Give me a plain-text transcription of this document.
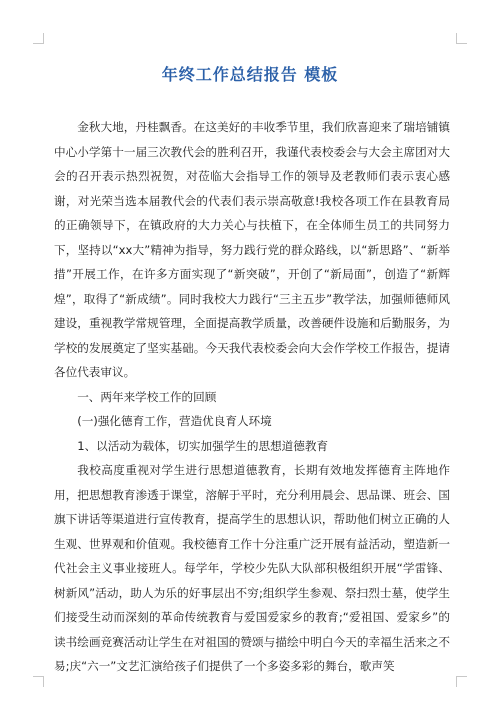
年终工作总结报告 模板

金秋大地，丹桂飘香。在这美好的丰收季节里，我们欣喜迎来了瑞培铺镇中心小学第十一届三次教代会的胜利召开，我谨代表校委会与大会主席团对大会的召开表示热烈祝贺，对莅临大会指导工作的领导及老教师们表示衷心感谢，对光荣当选本届教代会的代表们表示崇高敬意!我校各项工作在县教育局的正确领导下，在镇政府的大力关心与扶植下，在全体师生员工的共同努力下，坚持以“xx大”精神为指导，努力践行党的群众路线，以“新思路”、“新举措”开展工作，在许多方面实现了“新突破”，开创了“新局面”，创造了“新辉煌”，取得了“新成绩”。同时我校大力践行“三主五步”教学法，加强师德师风建设，重视教学常规管理，全面提高教学质量，改善硬件设施和后勤服务，为学校的发展奠定了坚实基础。今天我代表校委会向大会作学校工作报告，提请各位代表审议。

一、两年来学校工作的回顾

(一)强化德育工作，营造优良育人环境

1、以活动为载体，切实加强学生的思想道德教育

我校高度重视对学生进行思想道德教育，长期有效地发挥德育主阵地作用，把思想教育渗透于课堂，溶解于平时，充分利用晨会、思品课、班会、国旗下讲话等渠道进行宣传教育，提高学生的思想认识，帮助他们树立正确的人生观、世界观和价值观。我校德育工作十分注重广泛开展有益活动，塑造新一代社会主义事业接班人。每学年，学校少先队大队部积极组织开展“学雷锋、树新风”活动，助人为乐的好事层出不穷;组织学生参观、祭扫烈士墓，使学生们接受生动而深刻的革命传统教育与爱国爱家乡的教育;“爱祖国、爱家乡”的读书绘画竞赛活动让学生在对祖国的赞颂与描绘中明白今天的幸福生活来之不易;庆“六一”文艺汇演给孩子们提供了一个多姿多彩的舞台，歌声笑
